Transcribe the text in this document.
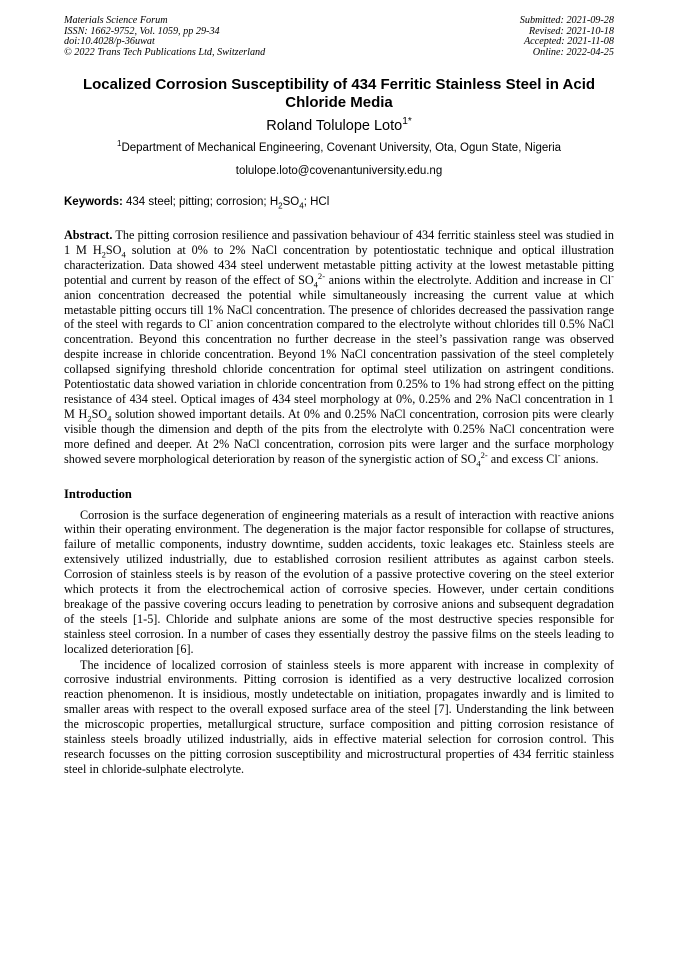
Materials Science Forum
ISSN: 1662-9752, Vol. 1059, pp 29-34
doi:10.4028/p-36uwat
© 2022 Trans Tech Publications Ltd, Switzerland
Submitted: 2021-09-28
Revised: 2021-10-18
Accepted: 2021-11-08
Online: 2022-04-25
Localized Corrosion Susceptibility of 434 Ferritic Stainless Steel in Acid Chloride Media
Roland Tolulope Loto$^{1*}$
$^1$Department of Mechanical Engineering, Covenant University, Ota, Ogun State, Nigeria
tolulope.loto@covenantuniversity.edu.ng
Keywords: 434 steel; pitting; corrosion; $H_2SO_4$; HCl
Abstract. The pitting corrosion resilience and passivation behaviour of 434 ferritic stainless steel was studied in 1 M $H_2SO_4$ solution at 0% to 2% NaCl concentration by potentiostatic technique and optical illustration characterization. Data showed 434 steel underwent metastable pitting activity at the lowest metastable pitting potential and current by reason of the effect of $SO_4^{2-}$ anions within the electrolyte. Addition and increase in Cl- anion concentration decreased the potential while simultaneously increasing the current value at which metastable pitting occurs till 1% NaCl concentration. The presence of chlorides decreased the passivation range of the steel with regards to Cl- anion concentration compared to the electrolyte without chlorides till 0.5% NaCl concentration. Beyond this concentration no further decrease in the steel’s passivation range was observed despite increase in chloride concentration. Beyond 1% NaCl concentration passivation of the steel completely collapsed signifying threshold chloride concentration for optimal steel utilization on astringent conditions. Potentiostatic data showed variation in chloride concentration from 0.25% to 1% had strong effect on the pitting resistance of 434 steel. Optical images of 434 steel morphology at 0%, 0.25% and 2% NaCl concentration in 1 M $H_2SO_4$ solution showed important details. At 0% and 0.25% NaCl concentration, corrosion pits were clearly visible though the dimension and depth of the pits from the electrolyte with 0.25% NaCl concentration were more defined and deeper. At 2% NaCl concentration, corrosion pits were larger and the surface morphology showed severe morphological deterioration by reason of the synergistic action of $SO_4^{2-}$ and excess Cl- anions.
Introduction
Corrosion is the surface degeneration of engineering materials as a result of interaction with reactive anions within their operating environment. The degeneration is the major factor responsible for collapse of structures, failure of metallic components, industry downtime, sudden accidents, toxic leakages etc. Stainless steels are extensively utilized industrially, due to established corrosion resilient attributes as against carbon steels. Corrosion of stainless steels is by reason of the evolution of a passive protective covering on the steel exterior which protects it from the electrochemical action of corrosive species. However, under certain conditions breakage of the passive covering occurs leading to penetration by corrosive anions and subsequent degradation of the steels [1-5]. Chloride and sulphate anions are some of the most destructive species responsible for stainless steel corrosion. In a number of cases they essentially destroy the passive films on the steels leading to localized deterioration [6].
The incidence of localized corrosion of stainless steels is more apparent with increase in complexity of corrosive industrial environments. Pitting corrosion is identified as a very destructive localized corrosion reaction phenomenon. It is insidious, mostly undetectable on initiation, propagates inwardly and is limited to smaller areas with respect to the overall exposed surface area of the steel [7]. Understanding the link between the microscopic properties, metallurgical structure, surface composition and pitting corrosion resistance of stainless steels broadly utilized industrially, aids in effective material selection for corrosion control. This research focusses on the pitting corrosion susceptibility and microstructural properties of 434 ferritic stainless steel in chloride-sulphate electrolyte.
